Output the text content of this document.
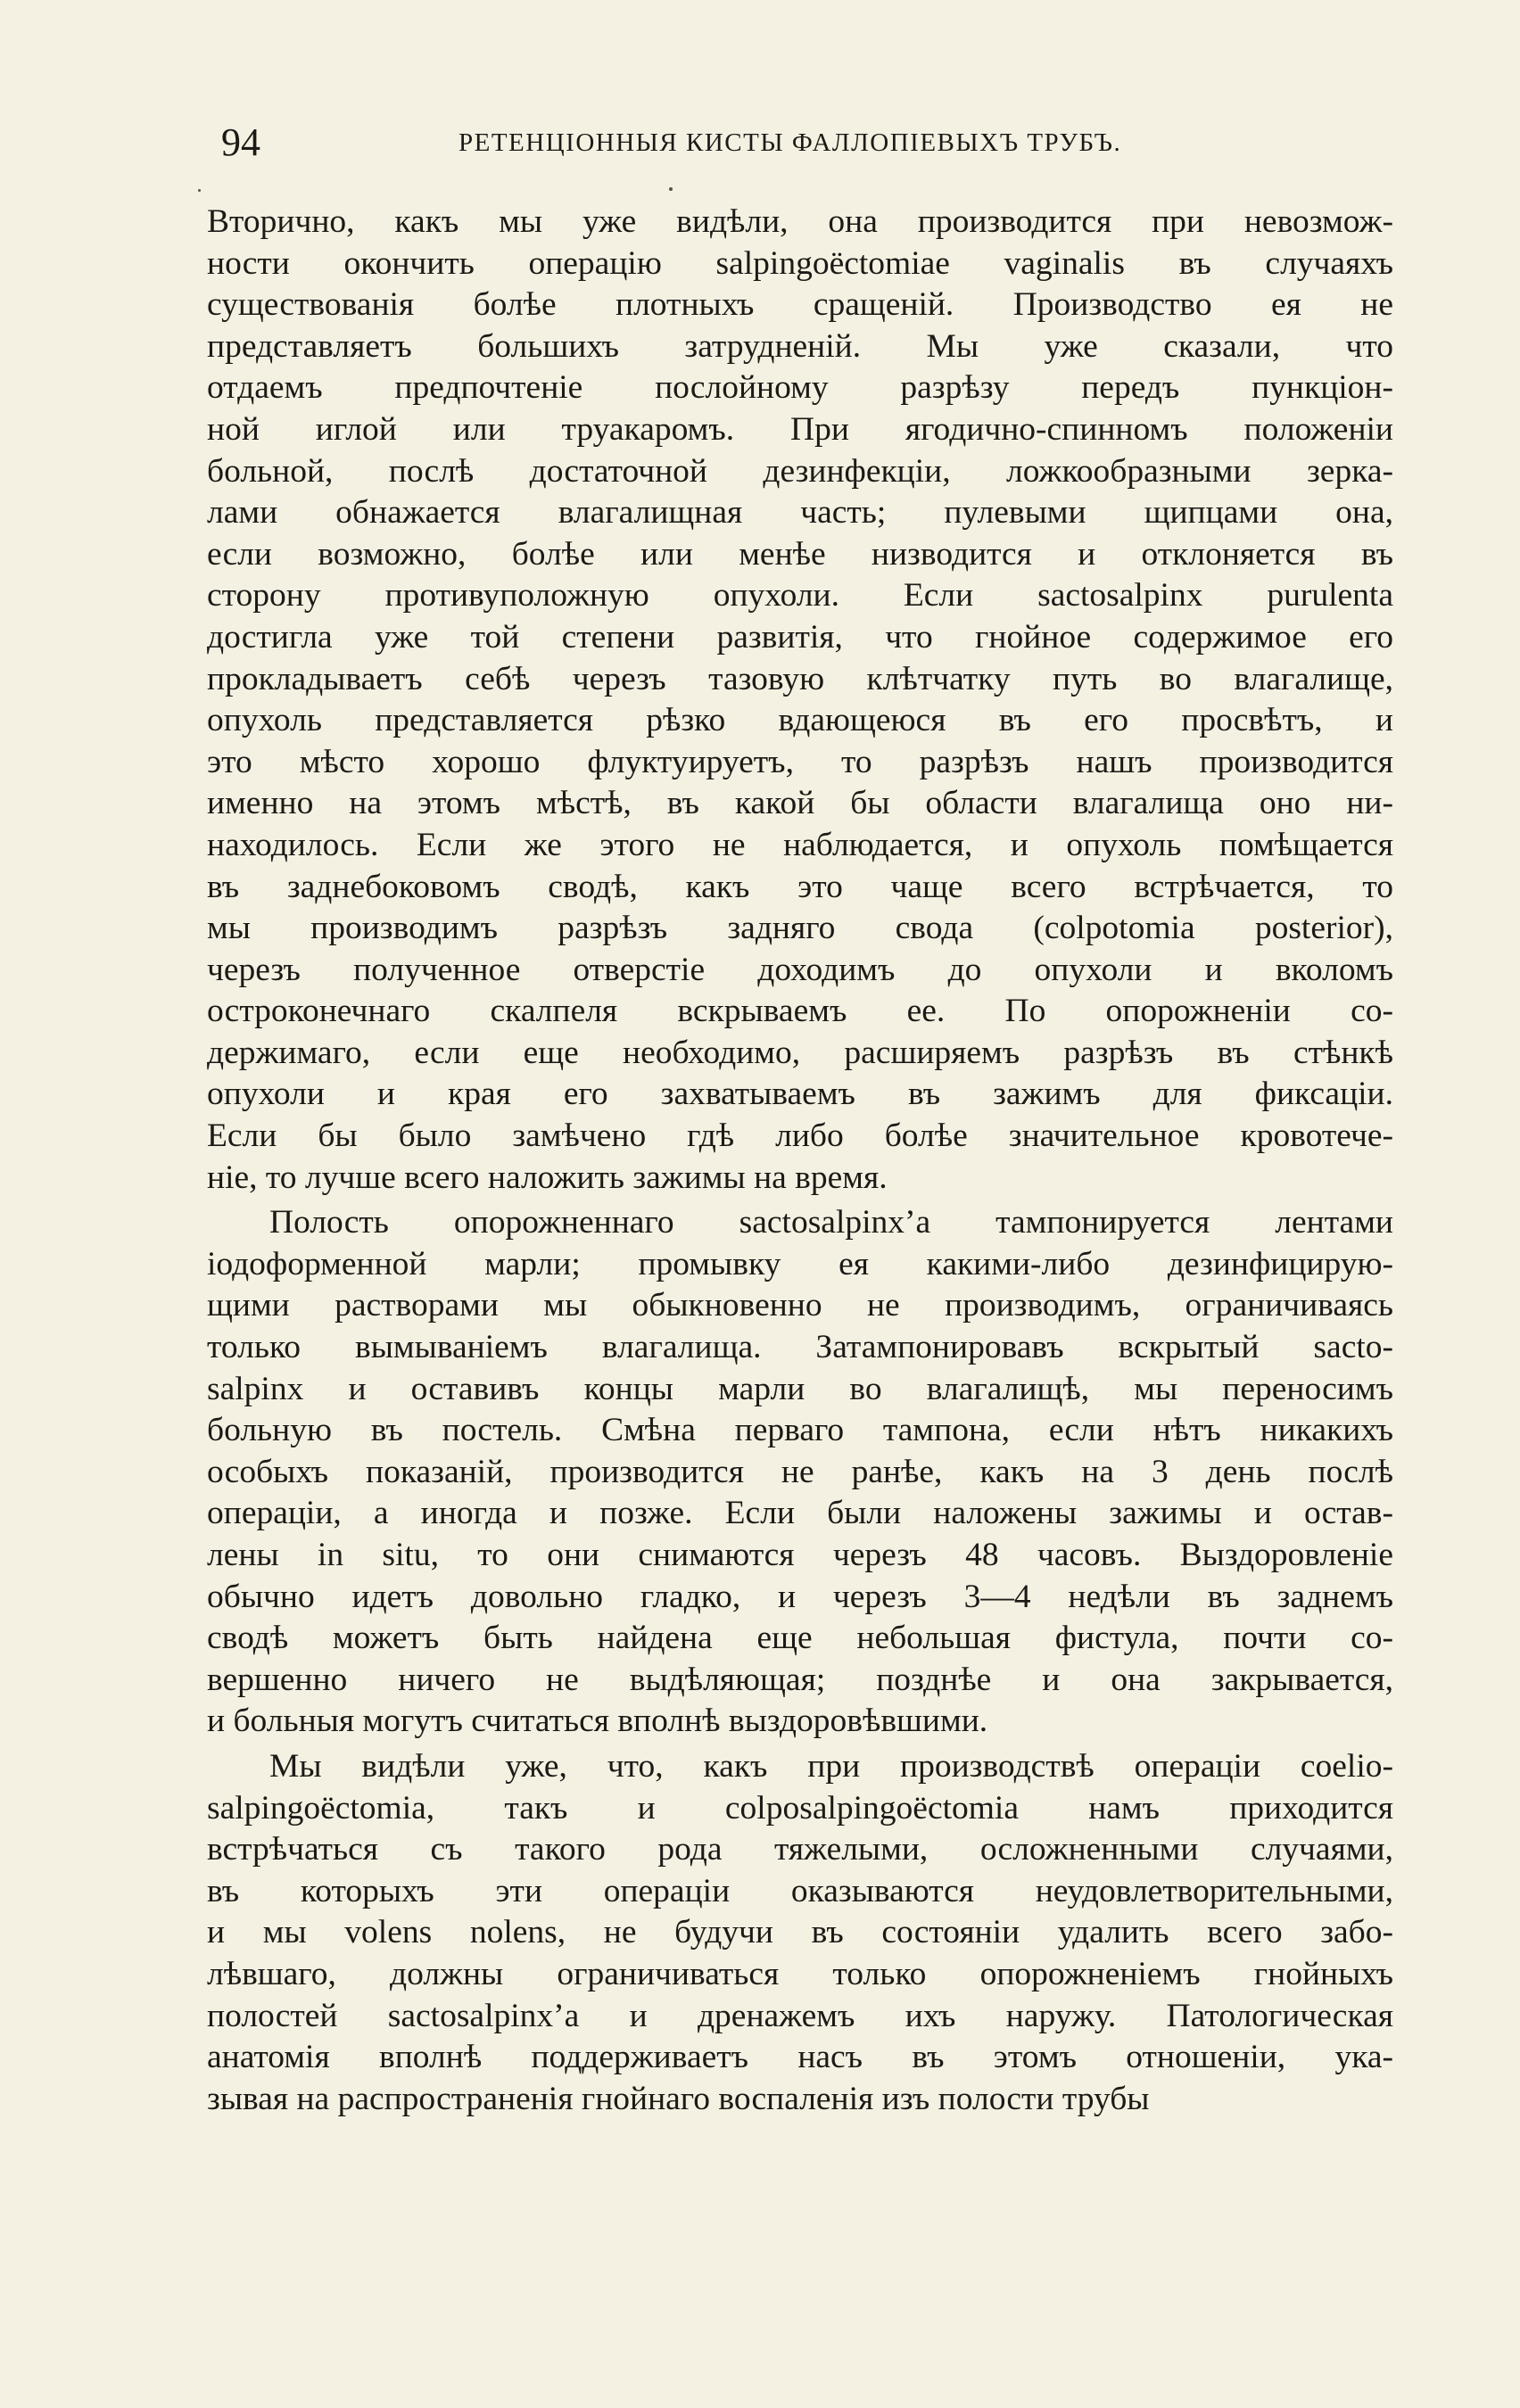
94	РЕТЕНЦІОННЫЯ КИСТЫ ФАЛЛОПІЕВЫХЪ ТРУБЪ.
Вторично, какъ мы уже видѣли, она производится при невозмож-
ности окончить операцію salpingoëctomiae vaginalis въ случаяхъ
существованія болѣе плотныхъ сращеній. Производство ея не
представляетъ большихъ затрудненій. Мы уже сказали, что
отдаемъ предпочтеніе послойному разрѣзу передъ пункціон-
ной иглой или труакаромъ. При ягодично-спинномъ положеніи
больной, послѣ достаточной дезинфекціи, ложкообразными зерка-
лами обнажается влагалищная часть; пулевыми щипцами она,
если возможно, болѣе или менѣе низводится и отклоняется въ
сторону противуположную опухоли. Если sactosalpinx purulenta
достигла уже той степени развитія, что гнойное содержимое его
прокладываетъ себѣ черезъ тазовую клѣтчатку путь во влагалище,
опухоль представляется рѣзко вдающеюся въ его просвѣтъ, и
это мѣсто хорошо флуктуируетъ, то разрѣзъ нашъ производится
именно на этомъ мѣстѣ, въ какой бы области влагалища оно ни-
находилось. Если же этого не наблюдается, и опухоль помѣщается
въ заднебоковомъ сводѣ, какъ это чаще всего встрѣчается, то
мы производимъ разрѣзъ задняго свода (colpotomia posterior),
черезъ полученное отверстіе доходимъ до опухоли и вколомъ
остроконечнаго скалпеля вскрываемъ ее. По опорожненіи со-
держимаго, если еще необходимо, расширяемъ разрѣзъ въ стѣнкѣ
опухоли и края его захватываемъ въ зажимъ для фиксаціи.
Если бы было замѣчено гдѣ либо болѣе значительное кровотече-
ніе, то лучше всего наложить зажимы на время.
Полость опорожненнаго sactosalpinx’а тампонируется лентами
іодоформенной марли; промывку ея какими-либо дезинфицирую-
щими растворами мы обыкновенно не производимъ, ограничиваясь
только вымываніемъ влагалища. Затампонировавъ вскрытый sacto-
salpinx и оставивъ концы марли во влагалищѣ, мы переносимъ
больную въ постель. Смѣна перваго тампона, если нѣтъ никакихъ
особыхъ показаній, производится не ранѣе, какъ на 3 день послѣ
операціи, а иногда и позже. Если были наложены зажимы и остав-
лены in situ, то они снимаются черезъ 48 часовъ. Выздоровленіе
обычно идетъ довольно гладко, и черезъ 3—4 недѣли въ заднемъ
сводѣ можетъ быть найдена еще небольшая фистула, почти со-
вершенно ничего не выдѣляющая; позднѣе и она закрывается,
и больныя могутъ считаться вполнѣ выздоровѣвшими.
Мы видѣли уже, что, какъ при производствѣ операціи coelio-
salpingoëctomia, такъ и colposalpingoëctomia намъ приходится
встрѣчаться съ такого рода тяжелыми, осложненными случаями,
въ которыхъ эти операціи оказываются неудовлетворительными,
и мы volens nolens, не будучи въ состояніи удалить всего забо-
лѣвшаго, должны ограничиваться только опорожненіемъ гнойныхъ
полостей sactosalpinx’а и дренажемъ ихъ наружу. Патологическая
анатомія вполнѣ поддерживаетъ насъ въ этомъ отношеніи, ука-
зывая на распространенія гнойнаго воспаленія изъ полости трубы
